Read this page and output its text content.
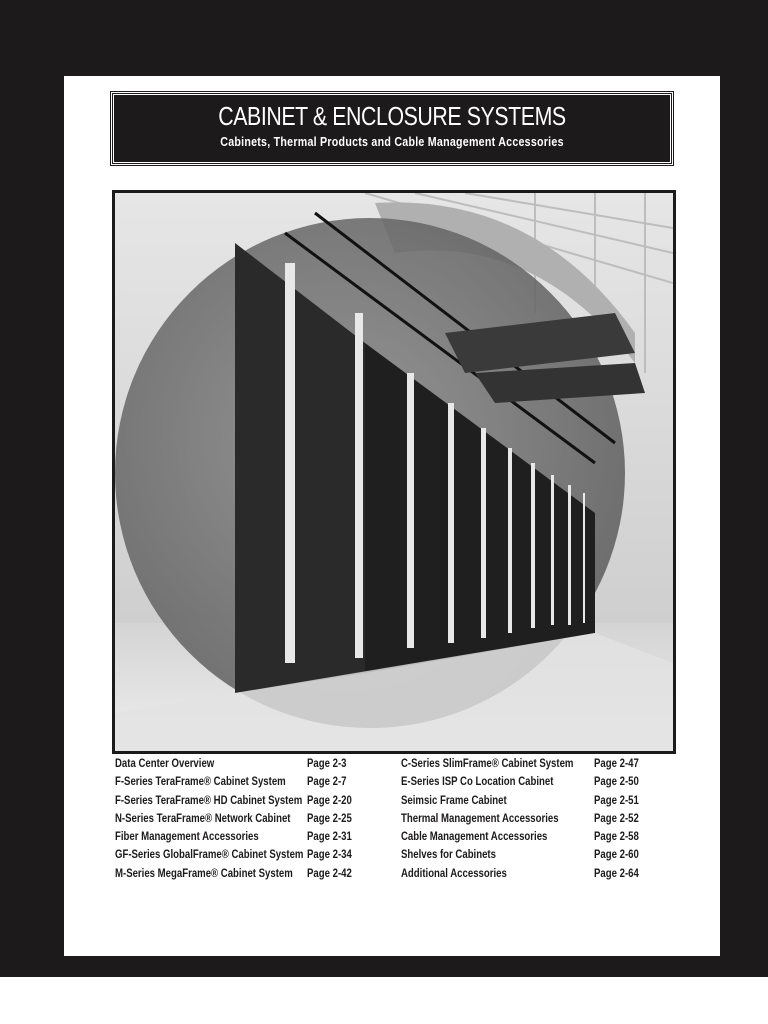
CABINET & ENCLOSURE SYSTEMS
Cabinets, Thermal Products and Cable Management Accessories
Data Center Overview	Page 2-3
F-Series TeraFrame® Cabinet System Page 2-7
F-Series TeraFrame® HD Cabinet System Page 2-20
N-Series TeraFrame® Network Cabinet Page 2-25
Fiber Management Accessories	Page 2-31
GF-Series GlobalFrame® Cabinet System Page 2-34
M-Series MegaFrame® Cabinet System Page 2-42
C-Series SlimFrame® Cabinet System Page 2-47
E-Series ISP Co Location Cabinet	Page 2-50
Seimsic Frame Cabinet	Page 2-51
Thermal Management Accessories	Page 2-52
Cable Management Accessories	Page 2-58
Shelves for Cabinets	Page 2-60
Additional Accessories	Page 2-64
